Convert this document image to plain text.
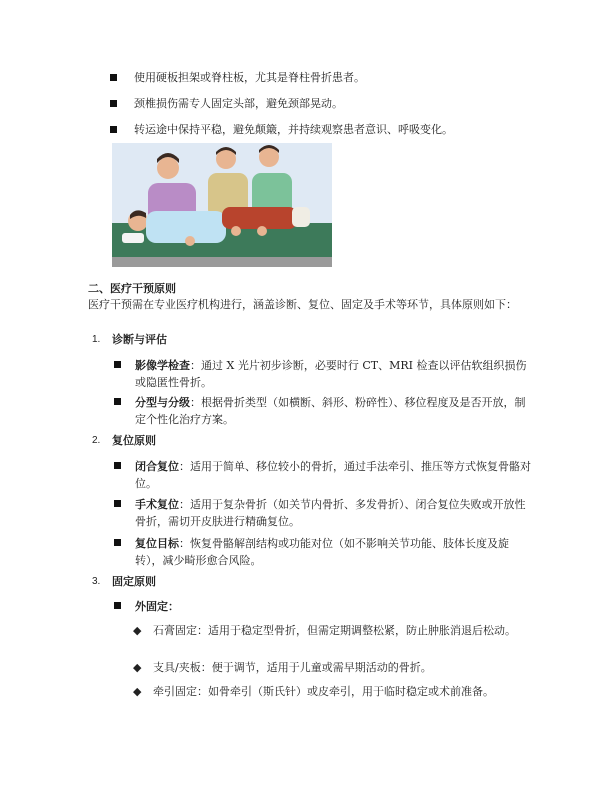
使用硬板担架或脊柱板，尤其是脊柱骨折患者。
颈椎损伤需专人固定头部，避免颈部晃动。
转运途中保持平稳，避免颠簸，并持续观察患者意识、呼吸变化。
二、医疗干预原则
医疗干预需在专业医疗机构进行，涵盖诊断、复位、固定及手术等环节，具体原则如下：
1.	诊断与评估
影像学检查：通过 X 光片初步诊断，必要时行 CT、MRI 检查以评估软组织损伤或隐匿性骨折。
分型与分级：根据骨折类型（如横断、斜形、粉碎性）、移位程度及是否开放，制定个性化治疗方案。
2.	复位原则
闭合复位：适用于简单、移位较小的骨折，通过手法牵引、推压等方式恢复骨骼对位。
手术复位：适用于复杂骨折（如关节内骨折、多发骨折）、闭合复位失败或开放性骨折，需切开皮肤进行精确复位。
复位目标：恢复骨骼解剖结构或功能对位（如不影响关节功能、肢体长度及旋转），减少畸形愈合风险。
3.	固定原则
外固定：
◆	石膏固定：适用于稳定型骨折，但需定期调整松紧，防止肿胀消退后松动。
◆	支具/夹板：便于调节，适用于儿童或需早期活动的骨折。
◆	牵引固定：如骨牵引（斯氏针）或皮牵引，用于临时稳定或术前准备。
